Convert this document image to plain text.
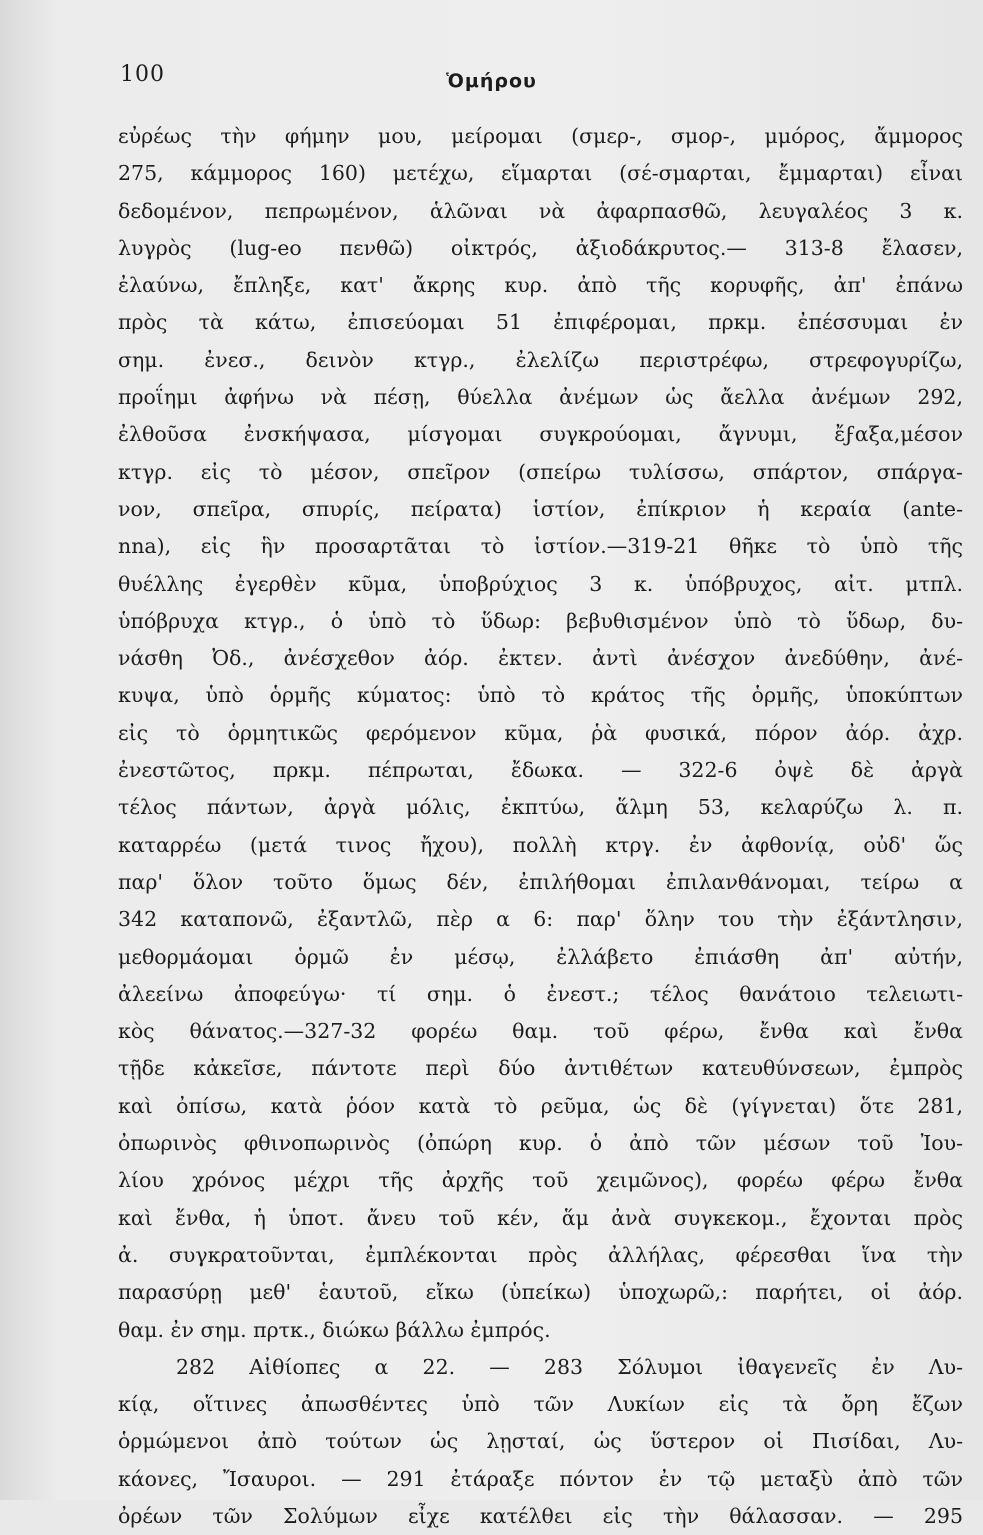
100	Ὁμήρου
εὐρέως τὴν φήμην μου, μείρομαι (σμερ-, σμορ-, μμόρος, ἄμμορος
275, κάμμορος 160) μετέχω, εἵμαρται (σέ-σμαρται, ἔμμαρται) εἶναι
δεδομένον, πεπρωμένον, ἁλῶναι νὰ ἀφαρπασθῶ, λευγαλέος 3 κ.
λυγρὸς (lug-eo πενθῶ) οἰκτρός, ἀξιοδάκρυτος.— 313-8 ἔλασεν,
ἐλαύνω, ἔπληξε, κατ' ἄκρης κυρ. ἀπὸ τῆς κορυφῆς, ἀπ' ἐπάνω
πρὸς τὰ κάτω, ἐπισεύομαι 51 ἐπιφέρομαι, πρκμ. ἐπέσσυμαι ἐν
σημ. ἐνεσ., δεινὸν κτγρ., ἐλελίζω περιστρέφω, στρεφογυρίζω,
προΐημι ἀφήνω νὰ πέσῃ, θύελλα ἀνέμων ὡς ἄελλα ἀνέμων 292,
ἐλθοῦσα ἐνσκήψασα, μίσγομαι συγκρούομαι, ἄγνυμι, ἔϝαξα,μέσον
κτγρ. εἰς τὸ μέσον, σπεῖρον (σπείρω τυλίσσω, σπάρτον, σπάργα-
νον, σπεῖρα, σπυρίς, πείρατα) ἱστίον, ἐπίκριον ἡ κεραία (ante-
nna), εἰς ἣν προσαρτᾶται τὸ ἱστίον.—319-21 θῆκε τὸ ὑπὸ τῆς
θυέλλης ἐγερθὲν κῦμα, ὑποβρύχιος 3 κ. ὑπόβρυχος, αἰτ. μτπλ.
ὑπόβρυχα κτγρ., ὁ ὑπὸ τὸ ὕδωρ: βεβυθισμένον ὑπὸ τὸ ὕδωρ, δυ-
νάσθη Ὀδ., ἀνέσχεθον ἀόρ. ἐκτεν. ἀντὶ ἀνέσχον ἀνεδύθην, ἀνέ-
κυψα, ὑπὸ ὁρμῆς κύματος: ὑπὸ τὸ κράτος τῆς ὁρμῆς, ὑποκύπτων
εἰς τὸ ὁρμητικῶς φερόμενον κῦμα, ῥὰ φυσικά, πόρον ἀόρ. ἀχρ.
ἐνεστῶτος, πρκμ. πέπρωται, ἔδωκα. — 322-6 ὀψὲ δὲ ἀργὰ
τέλος πάντων, ἀργὰ μόλις, ἐκπτύω, ἅλμη 53, κελαρύζω λ. π.
καταρρέω (μετά τινος ἤχου), πολλὴ κτργ. ἐν ἀφθονίᾳ, οὐδ' ὥς
παρ' ὅλον τοῦτο ὅμως δέν, ἐπιλήθομαι ἐπιλανθάνομαι, τείρω α
342 καταπονῶ, ἐξαντλῶ, πὲρ α 6: παρ' ὅλην του τὴν ἐξάντλησιν,
μεθορμάομαι ὁρμῶ ἐν μέσῳ, ἐλλάβετο ἐπιάσθη ἀπ' αὐτήν,
ἀλεείνω ἀποφεύγω· τί σημ. ὁ ἐνεστ.; τέλος θανάτοιο τελειωτι-
κὸς θάνατος.—327-32 φορέω θαμ. τοῦ φέρω, ἔνθα καὶ ἔνθα
τῇδε κἀκεῖσε, πάντοτε περὶ δύο ἀντιθέτων κατευθύνσεων, ἐμπρὸς
καὶ ὀπίσω, κατὰ ῥόον κατὰ τὸ ρεῦμα, ὡς δὲ (γίγνεται) ὅτε 281,
ὀπωρινὸς φθινοπωρινὸς (ὀπώρη κυρ. ὁ ἀπὸ τῶν μέσων τοῦ Ἰου-
λίου χρόνος μέχρι τῆς ἀρχῆς τοῦ χειμῶνος), φορέω φέρω ἔνθα
καὶ ἔνθα, ἡ ὑποτ. ἄνευ τοῦ κέν, ἅμ ἀνὰ συγκεκομ., ἔχονται πρὸς
ἀ. συγκρατοῦνται, ἐμπλέκονται πρὸς ἀλλήλας, φέρεσθαι ἵνα τὴν
παρασύρῃ μεθ' ἑαυτοῦ, εἴκω (ὑπείκω) ὑποχωρῶ,: παρήτει, οἱ ἀόρ.
θαμ. ἐν σημ. πρτκ., διώκω βάλλω ἐμπρός.
282 Αἰθίοπες α 22. — 283 Σόλυμοι ἰθαγενεῖς ἐν Λυ-
κίᾳ, οἵτινες ἀπωσθέντες ὑπὸ τῶν Λυκίων εἰς τὰ ὄρη ἔζων
ὁρμώμενοι ἀπὸ τούτων ὡς λῃσταί, ὡς ὕστερον οἱ Πισίδαι, Λυ-
κάονες, Ἴσαυροι. — 291 ἐτάραξε πόντον ἐν τῷ μεταξὺ ἀπὸ τῶν
ὀρέων τῶν Σολύμων εἶχε κατέλθει εἰς τὴν θάλασσαν. — 295
